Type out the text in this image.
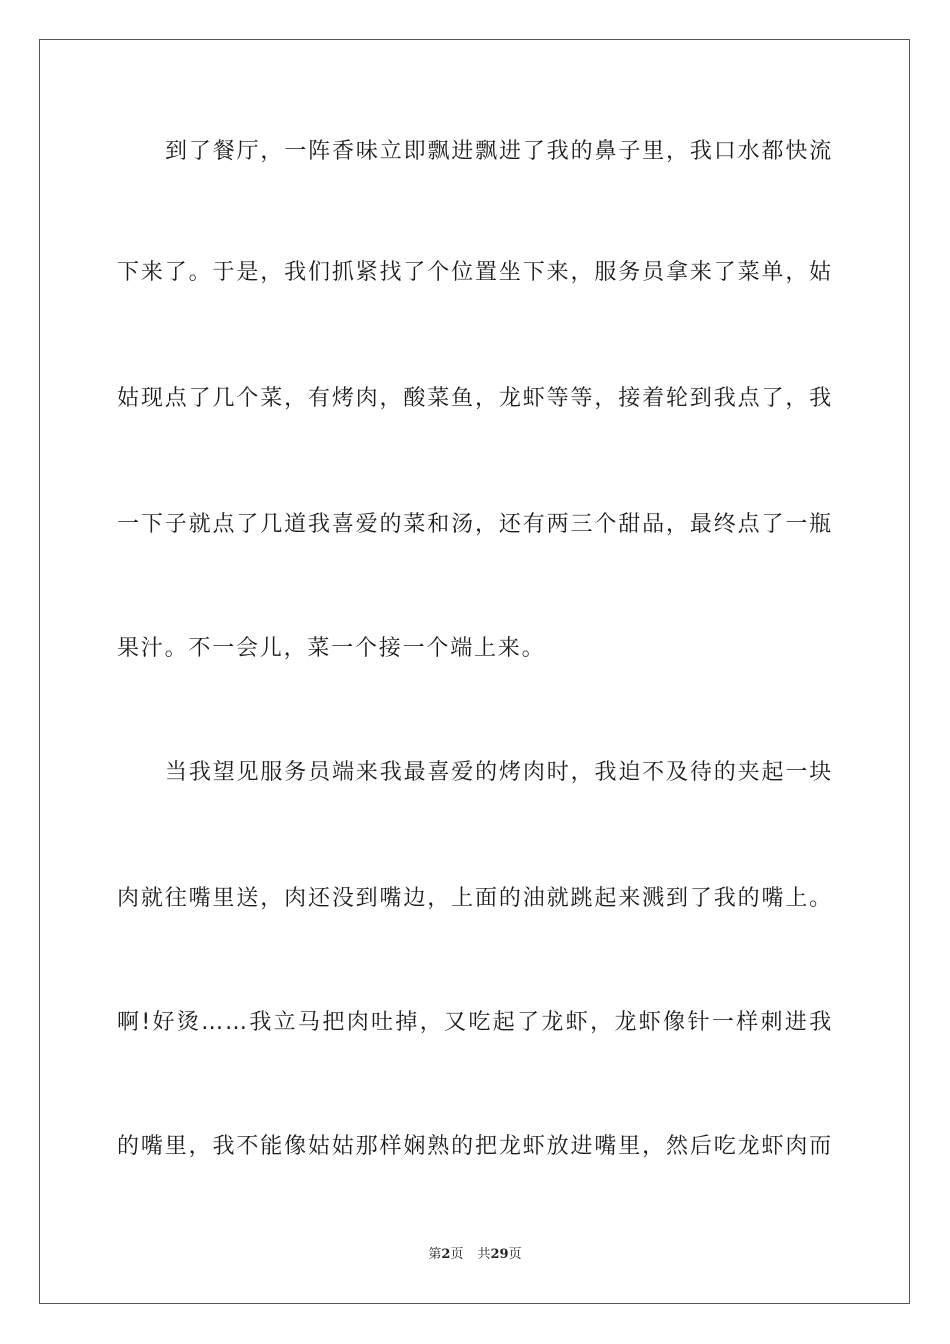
到了餐厅，一阵香味立即飘进飘进了我的鼻子里，我口水都快流
下来了。于是，我们抓紧找了个位置坐下来，服务员拿来了菜单，姑
姑现点了几个菜，有烤肉，酸菜鱼，龙虾等等，接着轮到我点了，我
一下子就点了几道我喜爱的菜和汤，还有两三个甜品，最终点了一瓶
果汁。不一会儿，菜一个接一个端上来。
当我望见服务员端来我最喜爱的烤肉时，我迫不及待的夹起一块
肉就往嘴里送，肉还没到嘴边，上面的油就跳起来溅到了我的嘴上。
啊!好烫……我立马把肉吐掉，又吃起了龙虾，龙虾像针一样刺进我
的嘴里，我不能像姑姑那样娴熟的把龙虾放进嘴里，然后吃龙虾肉而
第2页 共29页
